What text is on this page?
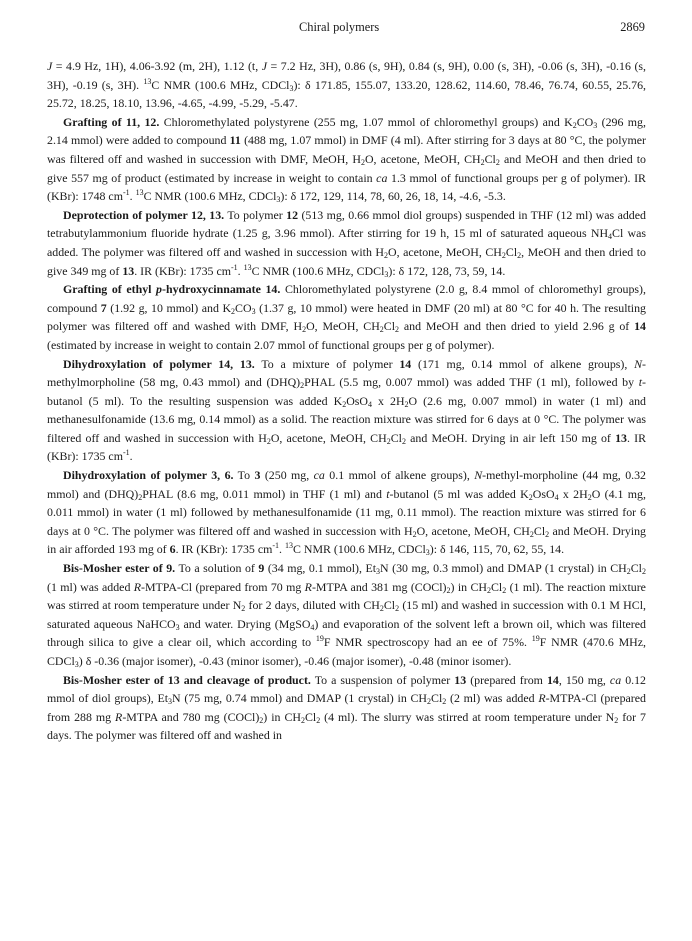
Chiral polymers	2869

J = 4.9 Hz, 1H), 4.06-3.92 (m, 2H), 1.12 (t, J = 7.2 Hz, 3H), 0.86 (s, 9H), 0.84 (s, 9H), 0.00 (s, 3H), -0.06 (s, 3H), -0.16 (s, 3H), -0.19 (s, 3H). $^{13}$C NMR (100.6 MHz, CDCl$_3$): δ 171.85, 155.07, 133.20, 128.62, 114.60, 78.46, 76.74, 60.55, 25.76, 25.72, 18.25, 18.10, 13.96, -4.65, -4.99, -5.29, -5.47.

Grafting of 11, 12. Chloromethylated polystyrene (255 mg, 1.07 mmol of chloromethyl groups) and $K_2CO_3$ (296 mg, 2.14 mmol) were added to compound 11 (488 mg, 1.07 mmol) in DMF (4 ml). After stirring for 3 days at 80 °C, the polymer was filtered off and washed in succession with DMF, MeOH, $H_2O$, acetone, MeOH, $CH_2Cl_2$ and MeOH and then dried to give 557 mg of product (estimated by increase in weight to contain ca 1.3 mmol of functional groups per g of polymer). IR (KBr): 1748 $cm^{-1}$. $^{13}$C NMR (100.6 MHz, CDCl$_3$): δ 172, 129, 114, 78, 60, 26, 18, 14, -4.6, -5.3.

Deprotection of polymer 12, 13. To polymer 12 (513 mg, 0.66 mmol diol groups) suspended in THF (12 ml) was added tetrabutylammonium fluoride hydrate (1.25 g, 3.96 mmol). After stirring for 19 h, 15 ml of saturated aqueous $NH_4Cl$ was added. The polymer was filtered off and washed in succession with $H_2O$, acetone, MeOH, $CH_2Cl_2$, MeOH and then dried to give 349 mg of 13. IR (KBr): 1735 $cm^{-1}$. $^{13}$C NMR (100.6 MHz, CDCl$_3$): δ 172, 128, 73, 59, 14.

Grafting of ethyl p-hydroxycinnamate 14. Chloromethylated polystyrene (2.0 g, 8.4 mmol of chloromethyl groups), compound 7 (1.92 g, 10 mmol) and $K_2CO_3$ (1.37 g, 10 mmol) were heated in DMF (20 ml) at 80 °C for 40 h. The resulting polymer was filtered off and washed with DMF, $H_2O$, MeOH, $CH_2Cl_2$ and MeOH and then dried to yield 2.96 g of 14 (estimated by increase in weight to contain 2.07 mmol of functional groups per g of polymer).

Dihydroxylation of polymer 14, 13. To a mixture of polymer 14 (171 mg, 0.14 mmol of alkene groups), N-methylmorpholine (58 mg, 0.43 mmol) and $(DHQ)_2PHAL$ (5.5 mg, 0.007 mmol) was added THF (1 ml), followed by t-butanol (5 ml). To the resulting suspension was added $K_2OsO_4$ x $2H_2O$ (2.6 mg, 0.007 mmol) in water (1 ml) and methanesulfonamide (13.6 mg, 0.14 mmol) as a solid. The reaction mixture was stirred for 6 days at 0 °C. The polymer was filtered off and washed in succession with $H_2O$, acetone, MeOH, $CH_2Cl_2$ and MeOH. Drying in air left 150 mg of 13. IR (KBr): 1735 $cm^{-1}$.

Dihydroxylation of polymer 3, 6. To 3 (250 mg, ca 0.1 mmol of alkene groups), N-methyl-morpholine (44 mg, 0.32 mmol) and $(DHQ)_2PHAL$ (8.6 mg, 0.011 mmol) in THF (1 ml) and t-butanol (5 ml was added $K_2OsO_4$ x $2H_2O$ (4.1 mg, 0.011 mmol) in water (1 ml) followed by methanesulfonamide (11 mg, 0.11 mmol). The reaction mixture was stirred for 6 days at 0 °C. The polymer was filtered off and washed in succession with $H_2O$, acetone, MeOH, $CH_2Cl_2$ and MeOH. Drying in air afforded 193 mg of 6. IR (KBr): 1735 $cm^{-1}$. $^{13}$C NMR (100.6 MHz, CDCl$_3$): δ 146, 115, 70, 62, 55, 14.

Bis-Mosher ester of 9. To a solution of 9 (34 mg, 0.1 mmol), $Et_3N$ (30 mg, 0.3 mmol) and DMAP (1 crystal) in $CH_2Cl_2$ (1 ml) was added R-MTPA-Cl (prepared from 70 mg R-MTPA and 381 mg $(COCl)_2$) in $CH_2Cl_2$ (1 ml). The reaction mixture was stirred at room temperature under $N_2$ for 2 days, diluted with $CH_2Cl_2$ (15 ml) and washed in succession with 0.1 M HCl, saturated aqueous NaHCO$_3$ and water. Drying (MgSO$_4$) and evaporation of the solvent left a brown oil, which was filtered through silica to give a clear oil, which according to $^{19}$F NMR spectroscopy had an ee of 75%. $^{19}$F NMR (470.6 MHz, CDCl$_3$) δ -0.36 (major isomer), -0.43 (minor isomer), -0.46 (major isomer), -0.48 (minor isomer).

Bis-Mosher ester of 13 and cleavage of product. To a suspension of polymer 13 (prepared from 14, 150 mg, ca 0.12 mmol of diol groups), $Et_3N$ (75 mg, 0.74 mmol) and DMAP (1 crystal) in $CH_2Cl_2$ (2 ml) was added R-MTPA-Cl (prepared from 288 mg R-MTPA and 780 mg $(COCl)_2$) in $CH_2Cl_2$ (4 ml). The slurry was stirred at room temperature under $N_2$ for 7 days. The polymer was filtered off and washed in
